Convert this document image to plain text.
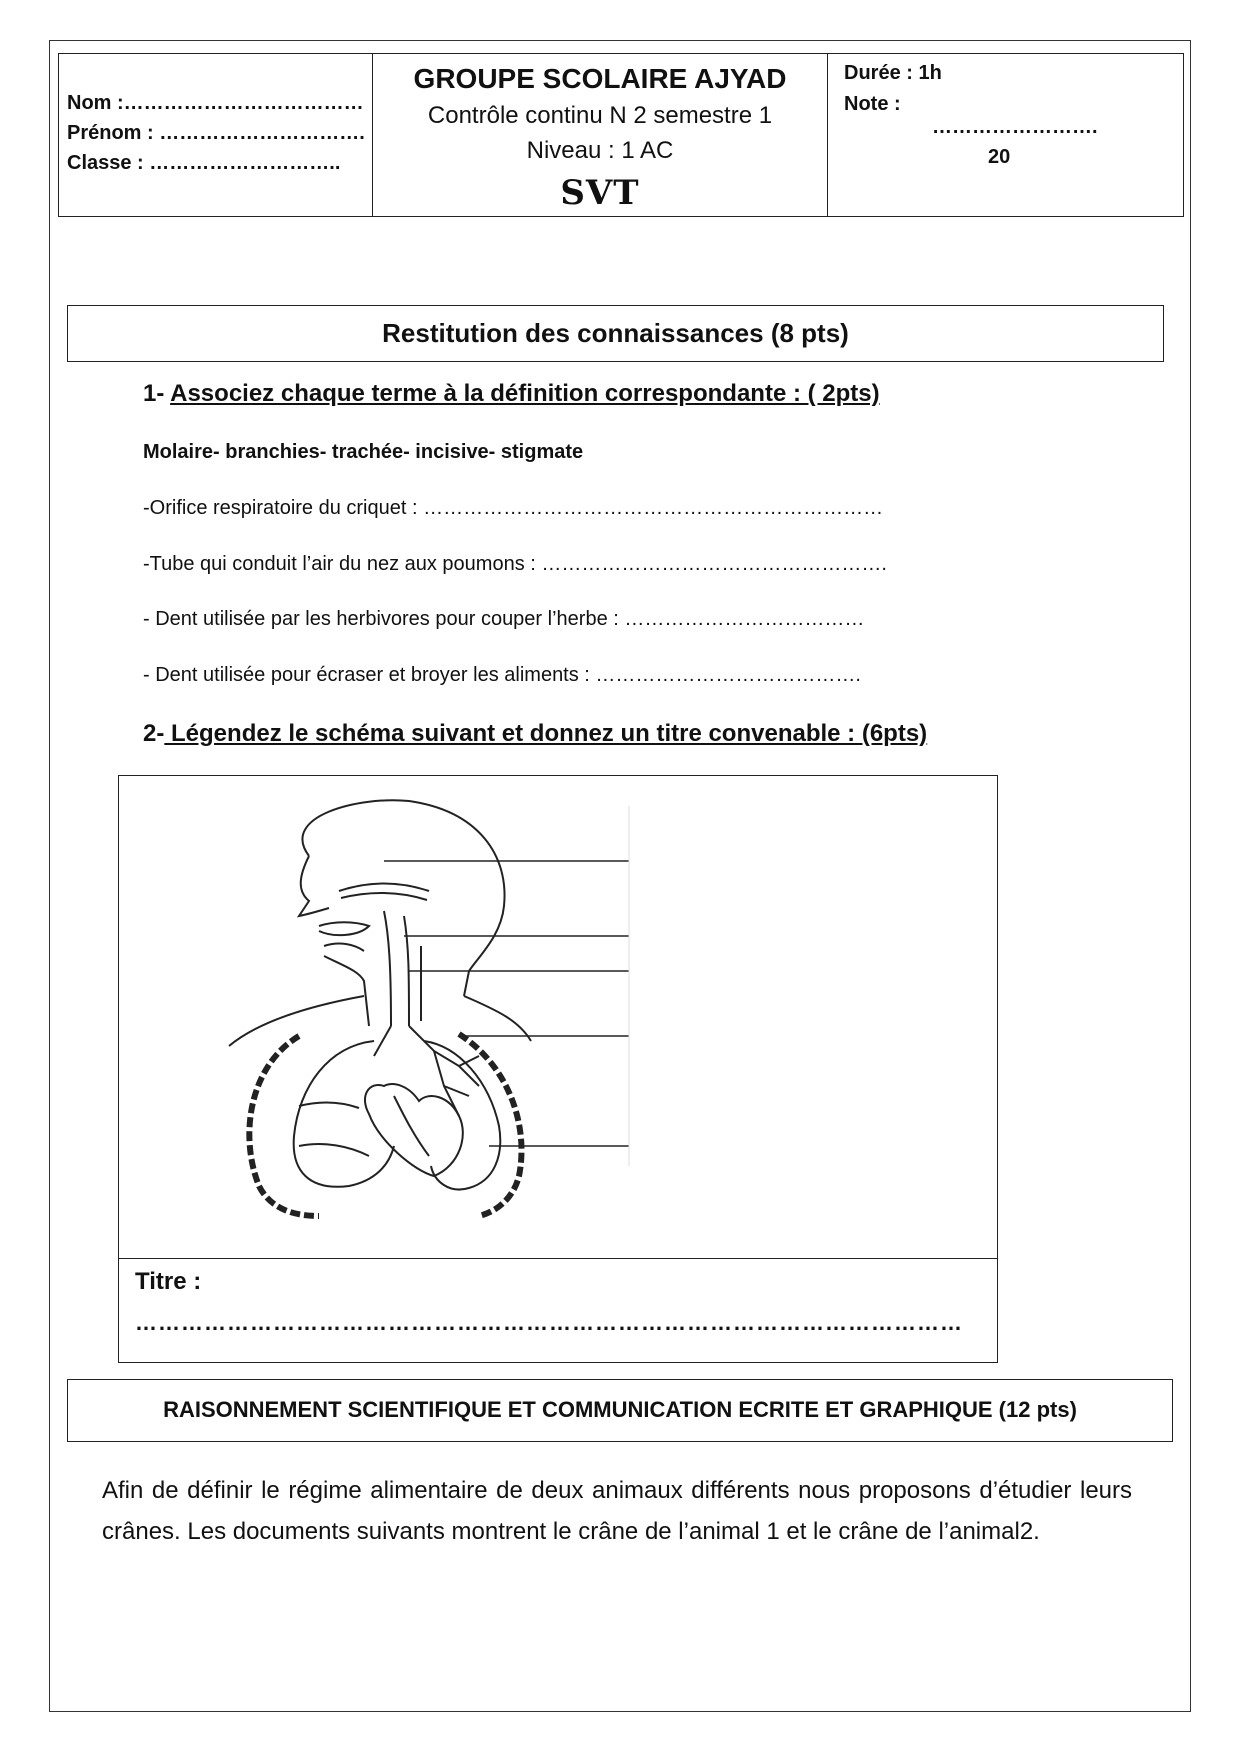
Nom :………………………………
Prénom : ………………………….
Classe : ………………………..
GROUPE SCOLAIRE AJYAD
Contrôle continu N 2 semestre 1
Niveau : 1 AC
SVT
Durée : 1h
Note :
…………………….
20
Restitution des connaissances (8 pts)
1- Associez chaque terme à la définition correspondante : ( 2pts)
Molaire- branchies- trachée- incisive- stigmate
-Orifice respiratoire du criquet : ……………………………………………………………
-Tube qui conduit l’air du nez aux poumons : …………………………………………….
- Dent utilisée par les herbivores pour couper l’herbe : ………………………………
- Dent utilisée pour écraser et broyer les aliments : ………………………………….
2- Légendez le schéma suivant et donnez un titre convenable : (6pts)
Titre :
………………………………………………………………………………………………
RAISONNEMENT SCIENTIFIQUE ET COMMUNICATION ECRITE ET GRAPHIQUE (12 pts)
Afin de définir le régime alimentaire de deux animaux différents nous proposons d’étudier leurs crânes. Les documents suivants montrent le crâne de l’animal 1 et le crâne de l’animal2.
